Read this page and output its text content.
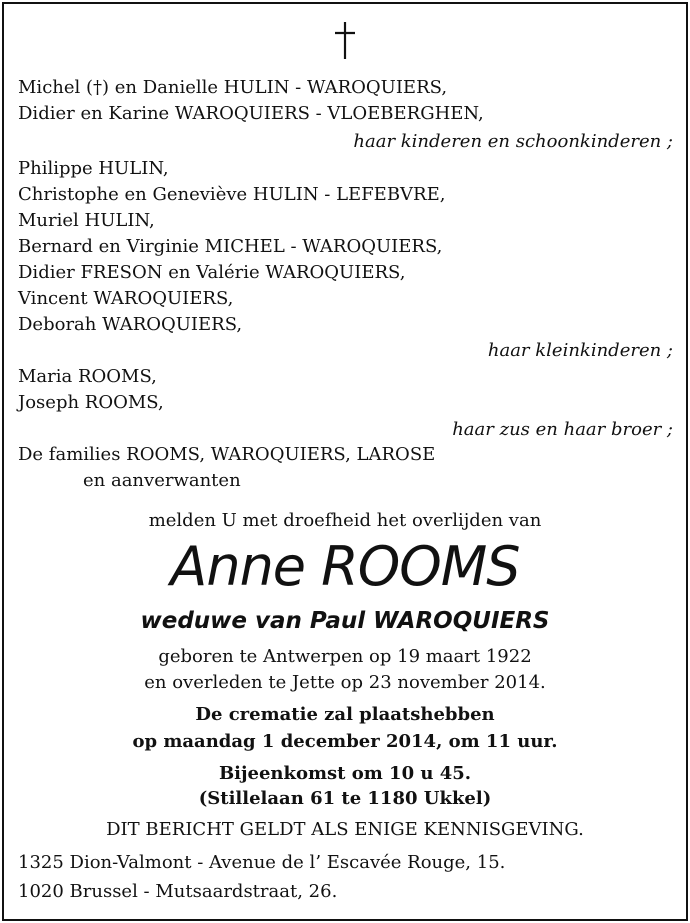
Michel (†) en Danielle HULIN - WAROQUIERS,
Didier en Karine WAROQUIERS - VLOEBERGHEN,
haar kinderen en schoonkinderen ;
Philippe HULIN,
Christophe en Geneviève HULIN - LEFEBVRE,
Muriel HULIN,
Bernard en Virginie MICHEL - WAROQUIERS,
Didier FRESON en Valérie WAROQUIERS,
Vincent WAROQUIERS,
Deborah WAROQUIERS,
haar kleinkinderen ;
Maria ROOMS,
Joseph ROOMS,
haar zus en haar broer ;
De families ROOMS, WAROQUIERS, LAROSE
en aanverwanten
melden U met droefheid het overlijden van
Anne ROOMS
weduwe van Paul WAROQUIERS
geboren te Antwerpen op 19 maart 1922
en overleden te Jette op 23 november 2014.
De crematie zal plaatshebben
op maandag 1 december 2014, om 11 uur.
Bijeenkomst om 10 u 45.
(Stillelaan 61 te 1180 Ukkel)
DIT BERICHT GELDT ALS ENIGE KENNISGEVING.
1325 Dion-Valmont - Avenue de l’ Escavée Rouge, 15.
1020 Brussel - Mutsaardstraat, 26.
